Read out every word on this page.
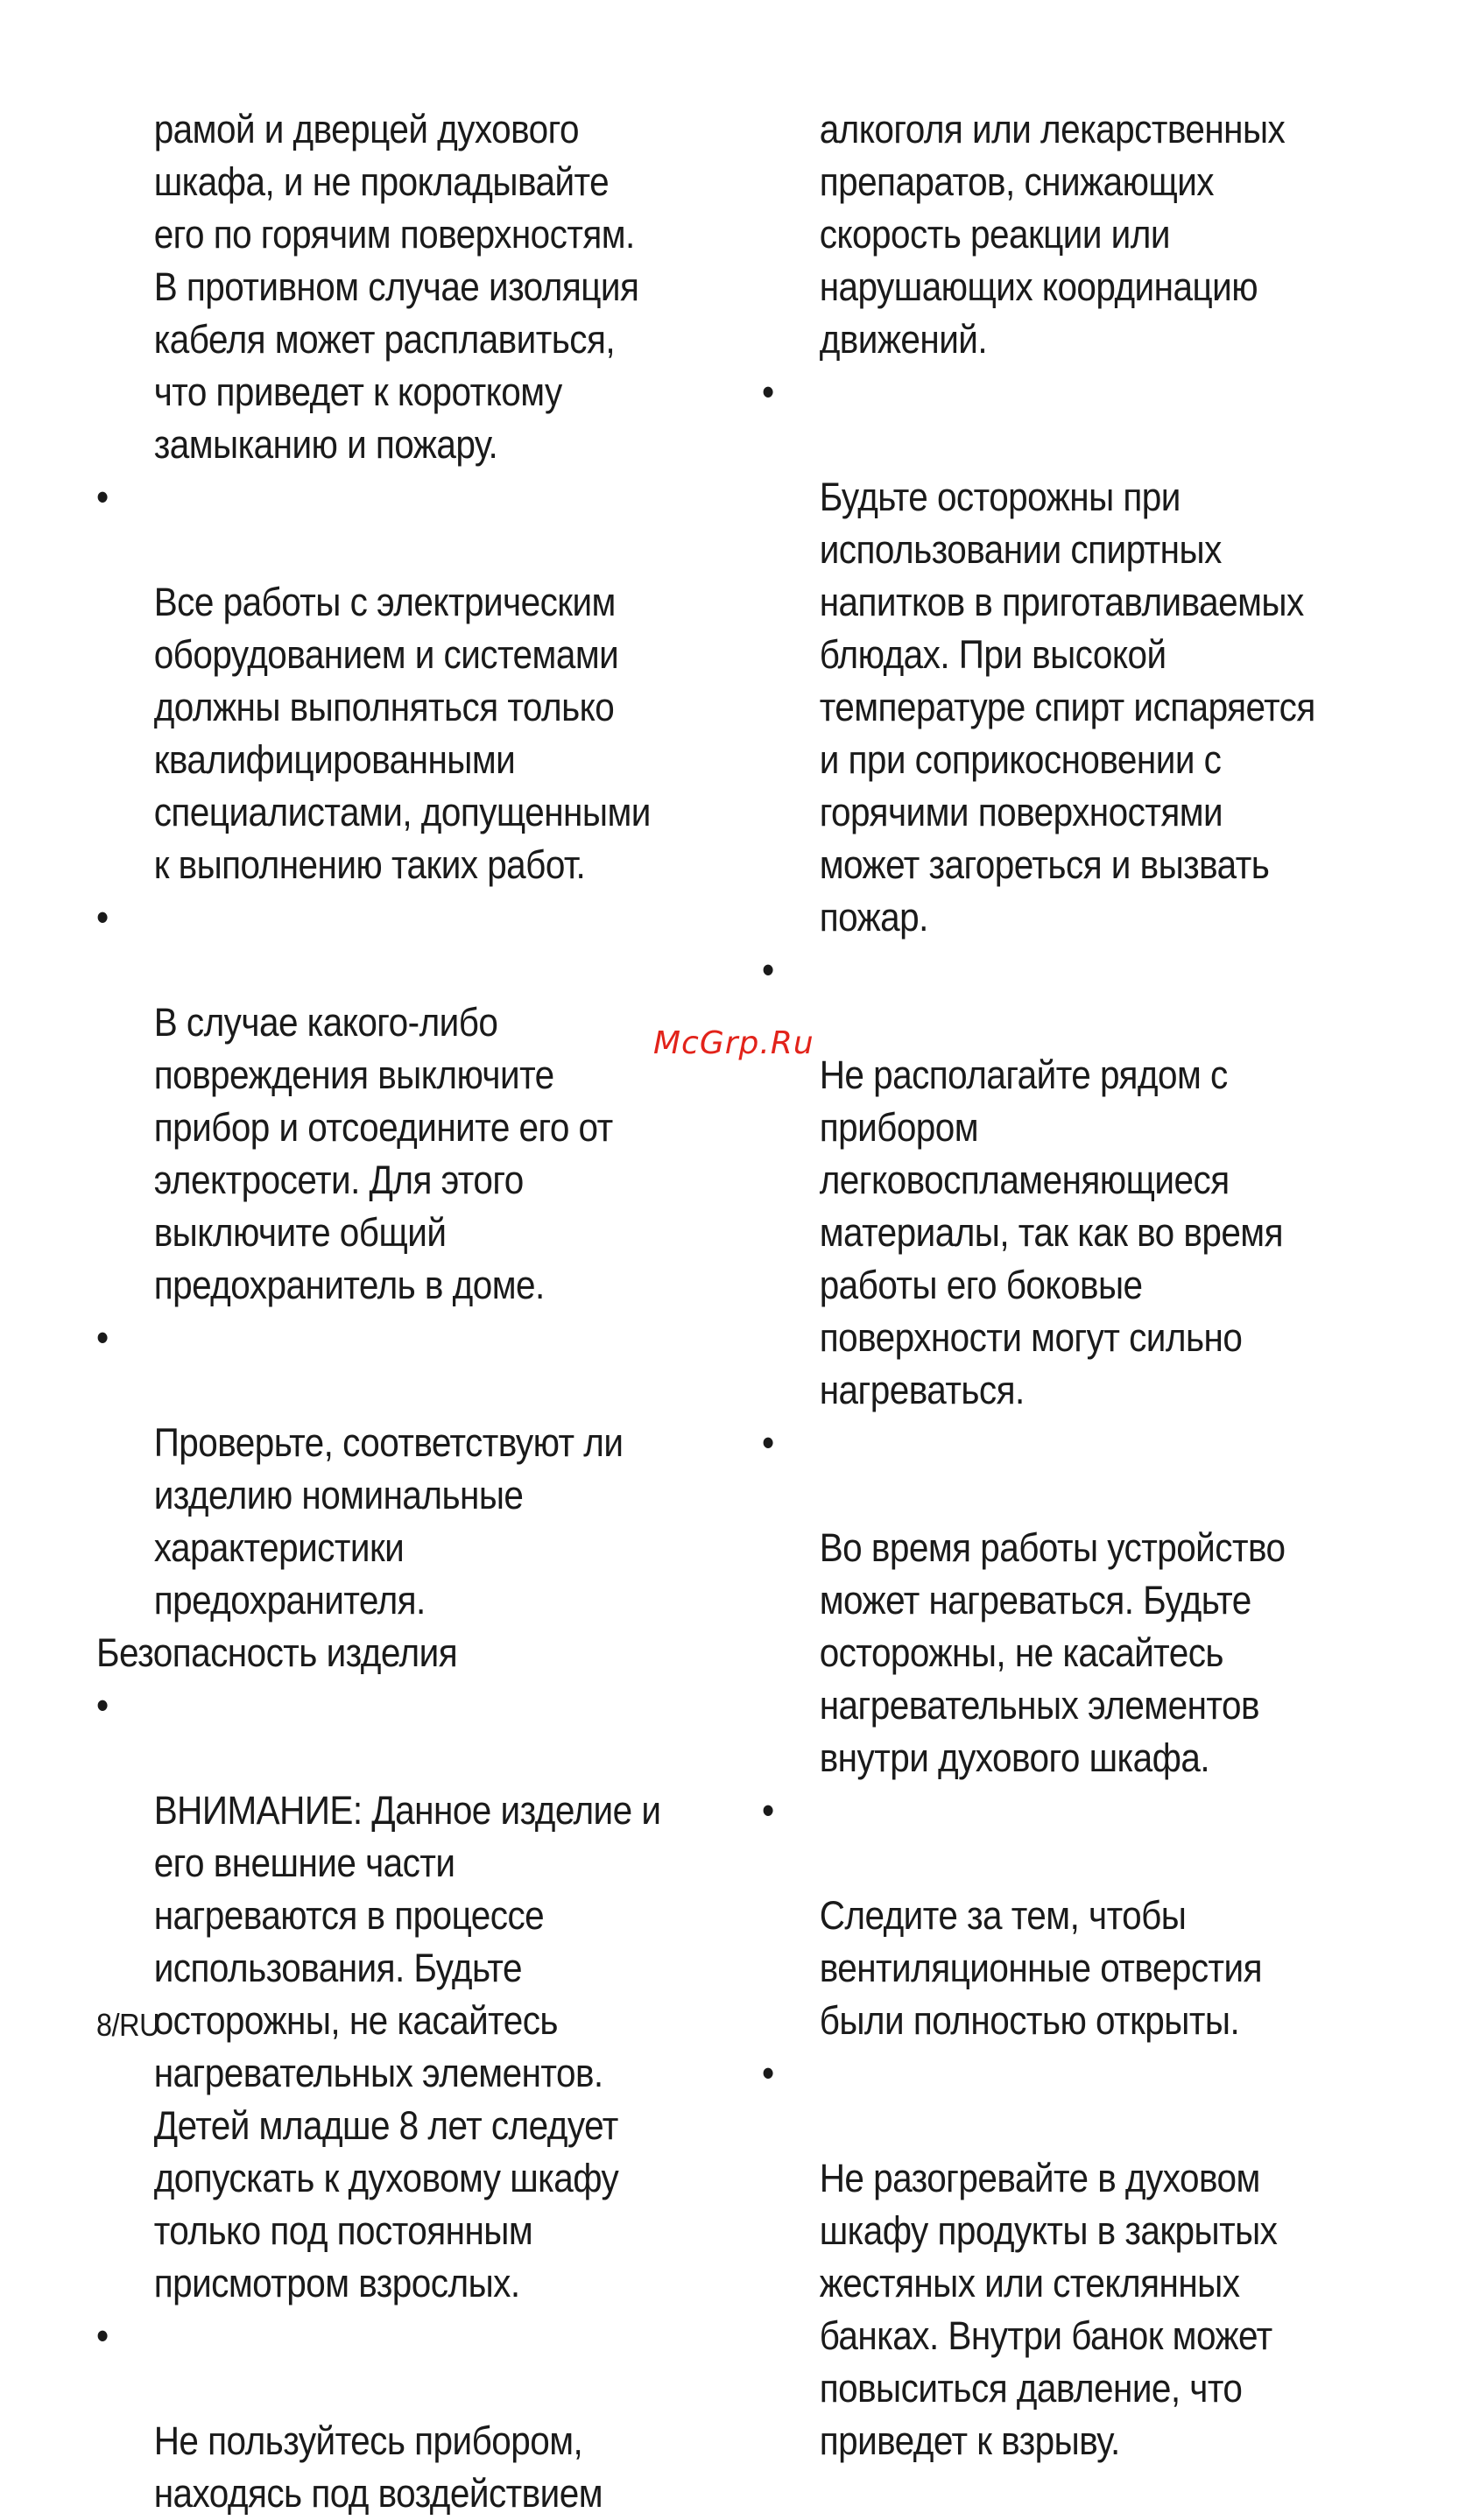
рамой и дверцей духового
шкафа, и не прокладывайте
его по горячим поверхностям.
В противном случае изоляция
кабеля может расплавиться,
что приведет к короткому
замыканию и пожару.

•

Все работы с электрическим
оборудованием и системами
должны выполняться только
квалифицированными
специалистами, допущенными
к выполнению таких работ.

•

В случае какого-либо
повреждения выключите
прибор и отсоедините его от
электросети. Для этого
выключите общий
предохранитель в доме.

•

Проверьте, соответствуют ли
изделию номинальные
характеристики
предохранителя.

Безопасность изделия

•

ВНИМАНИЕ: Данное изделие и
его внешние части
нагреваются в процессе
использования. Будьте
осторожны, не касайтесь
нагревательных элементов.
Детей младше 8 лет следует
допускать к духовому шкафу
только под постоянным
присмотром взрослых.

•

Не пользуйтесь прибором,
находясь под воздействием

алкоголя или лекарственных
препаратов, снижающих
скорость реакции или
нарушающих координацию
движений.

•

Будьте осторожны при
использовании спиртных
напитков в приготавливаемых
блюдах. При высокой
температуре спирт испаряется
и при соприкосновении с
горячими поверхностями
может загореться и вызвать
пожар.

•

Не располагайте рядом с
прибором
легковоспламеняющиеся
материалы, так как во время
работы его боковые
поверхности могут сильно
нагреваться.

•

Во время работы устройство
может нагреваться. Будьте
осторожны, не касайтесь
нагревательных элементов
внутри духового шкафа.

•

Следите за тем, чтобы
вентиляционные отверстия
были полностью открыты.

•

Не разогревайте в духовом
шкафу продукты в закрытых
жестяных или стеклянных
банках. Внутри банок может
повыситься давление, что
приведет к взрыву.

McGrp.Ru
8/RU
